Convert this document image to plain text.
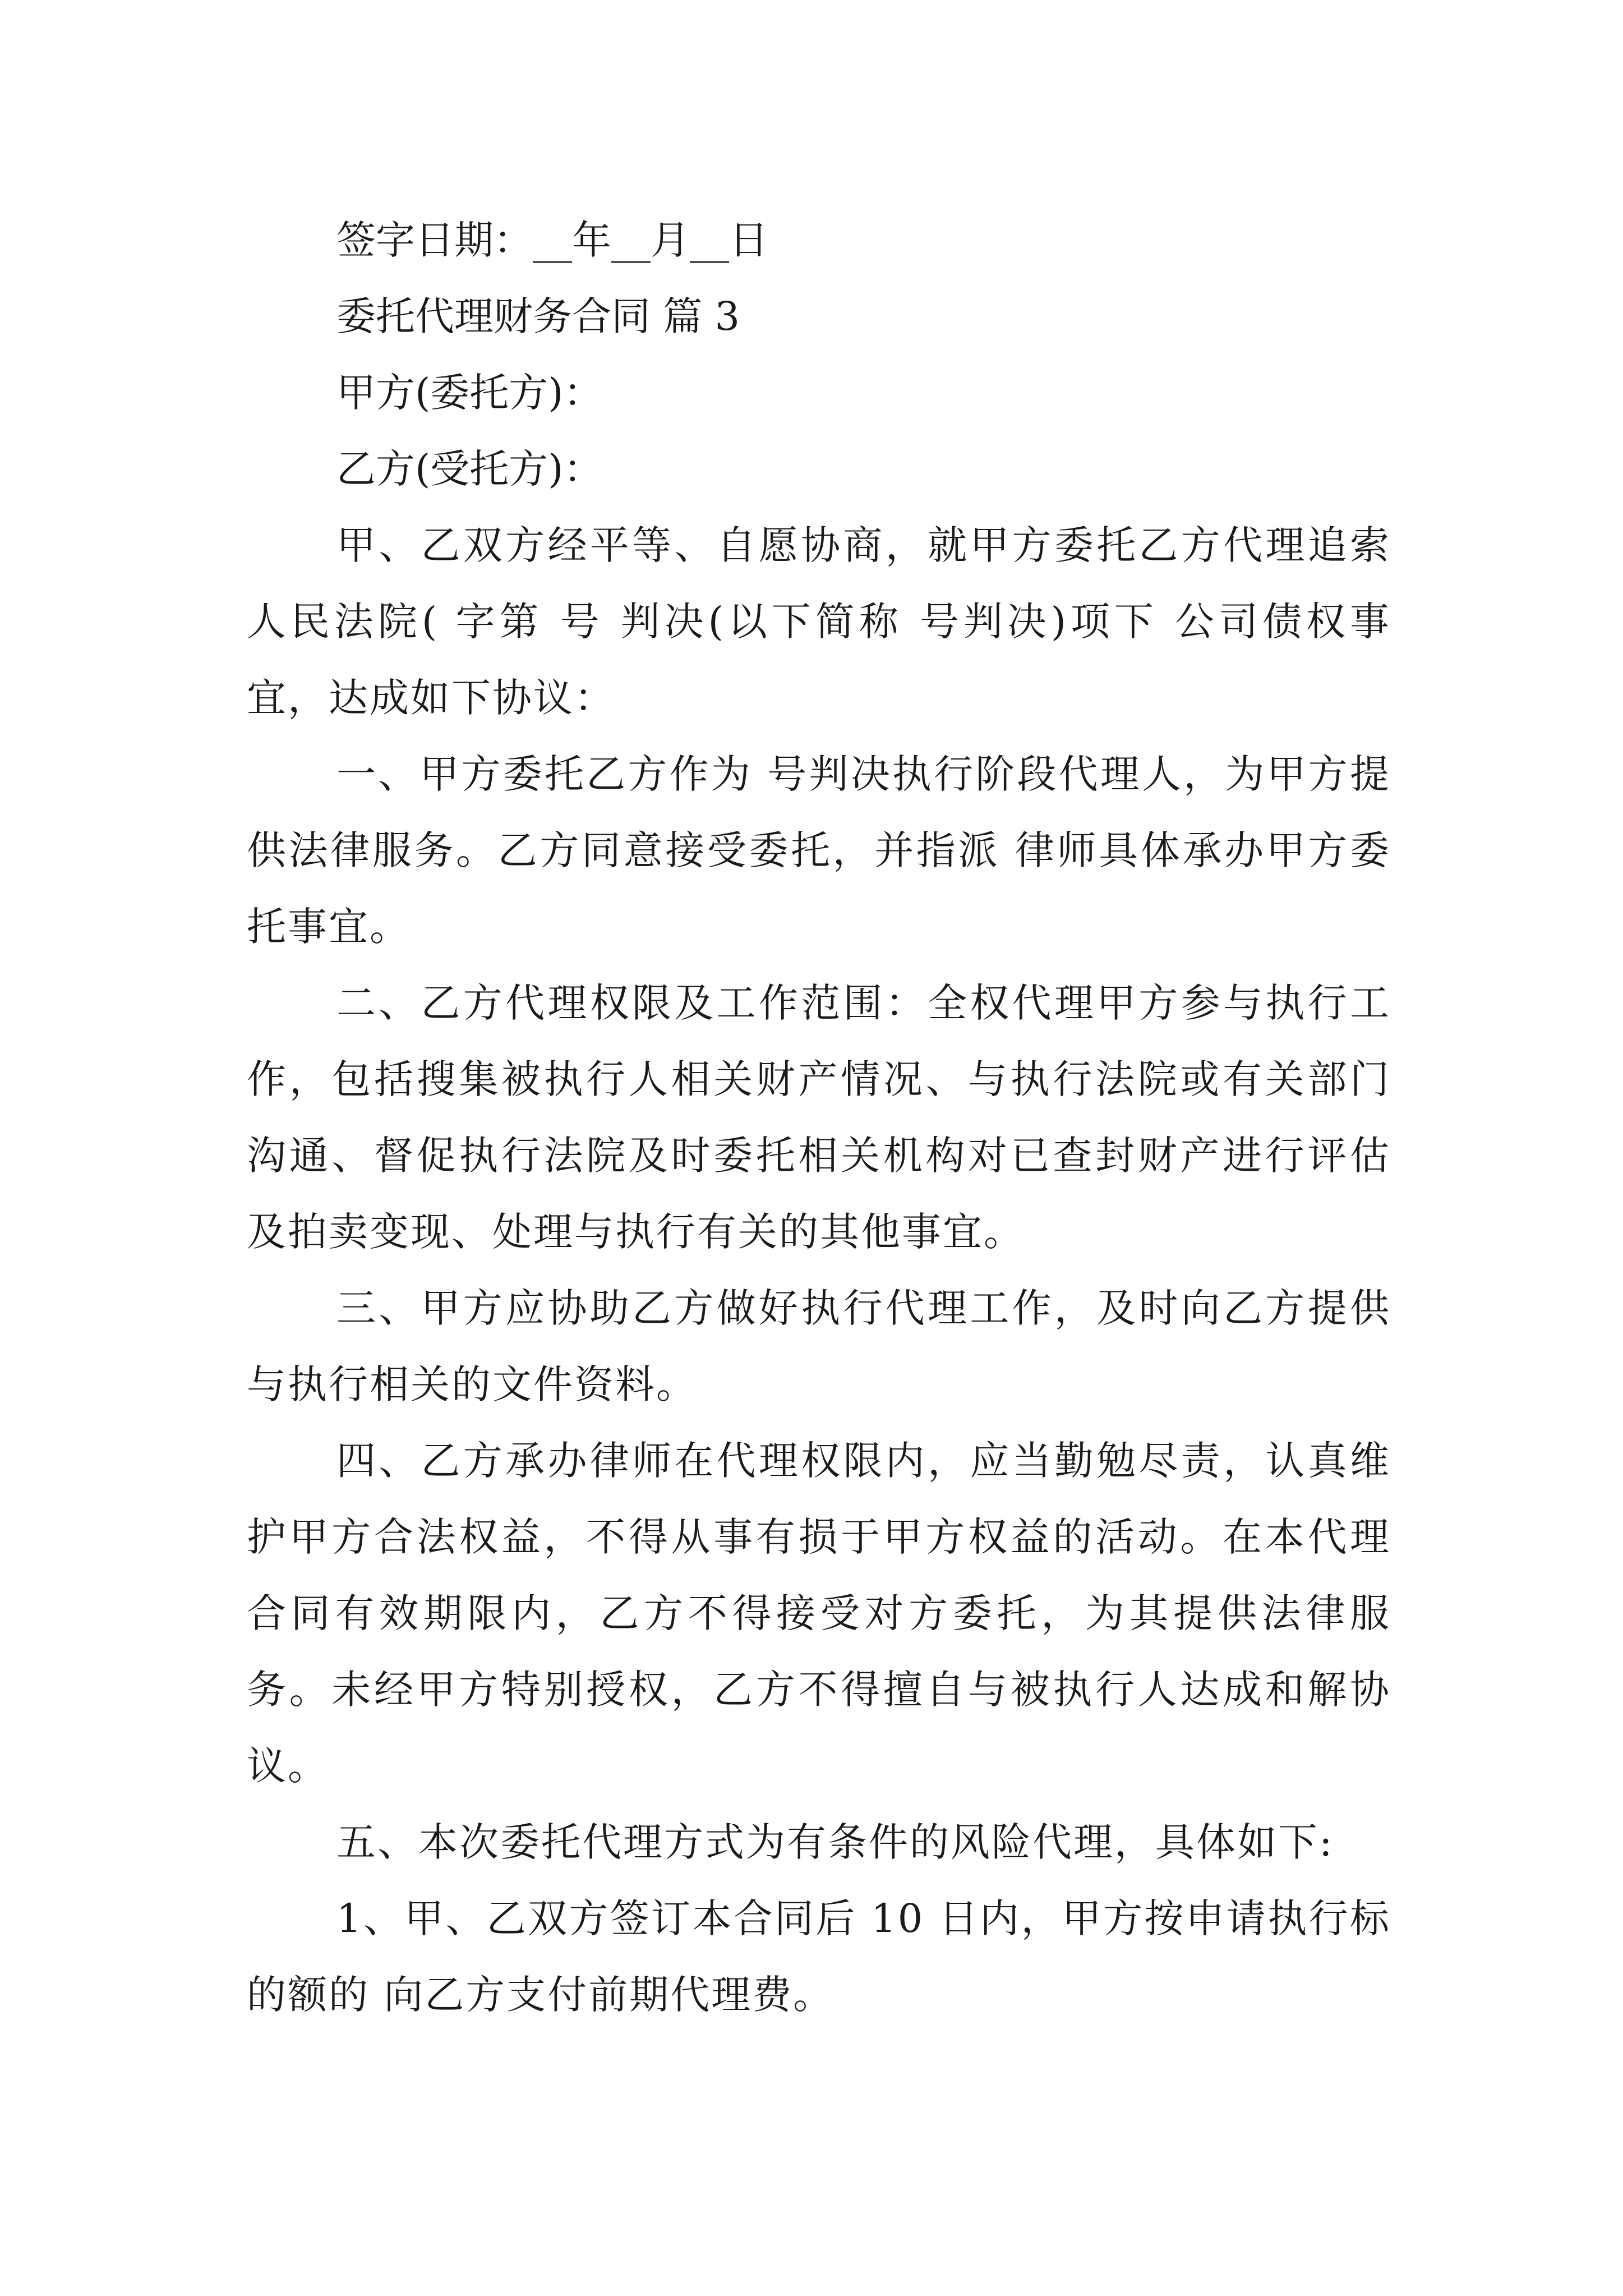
签字日期：__年__月__日
委托代理财务合同 篇 3
甲方(委托方)：
乙方(受托方)：

甲、乙双方经平等、自愿协商，就甲方委托乙方代理追索 人民法院( 字第 号 判决(以下简称 号判决)项下 公司债权事宜，达成如下协议：

一、甲方委托乙方作为 号判决执行阶段代理人，为甲方提供法律服务。乙方同意接受委托，并指派 律师具体承办甲方委托事宜。

二、乙方代理权限及工作范围：全权代理甲方参与执行工作，包括搜集被执行人相关财产情况、与执行法院或有关部门沟通、督促执行法院及时委托相关机构对已查封财产进行评估及拍卖变现、处理与执行有关的其他事宜。

三、甲方应协助乙方做好执行代理工作，及时向乙方提供与执行相关的文件资料。

四、乙方承办律师在代理权限内，应当勤勉尽责，认真维护甲方合法权益，不得从事有损于甲方权益的活动。在本代理合同有效期限内，乙方不得接受对方委托，为其提供法律服务。未经甲方特别授权，乙方不得擅自与被执行人达成和解协议。

五、本次委托代理方式为有条件的风险代理，具体如下:

1、甲、乙双方签订本合同后 10 日内，甲方按申请执行标的额的 向乙方支付前期代理费。
